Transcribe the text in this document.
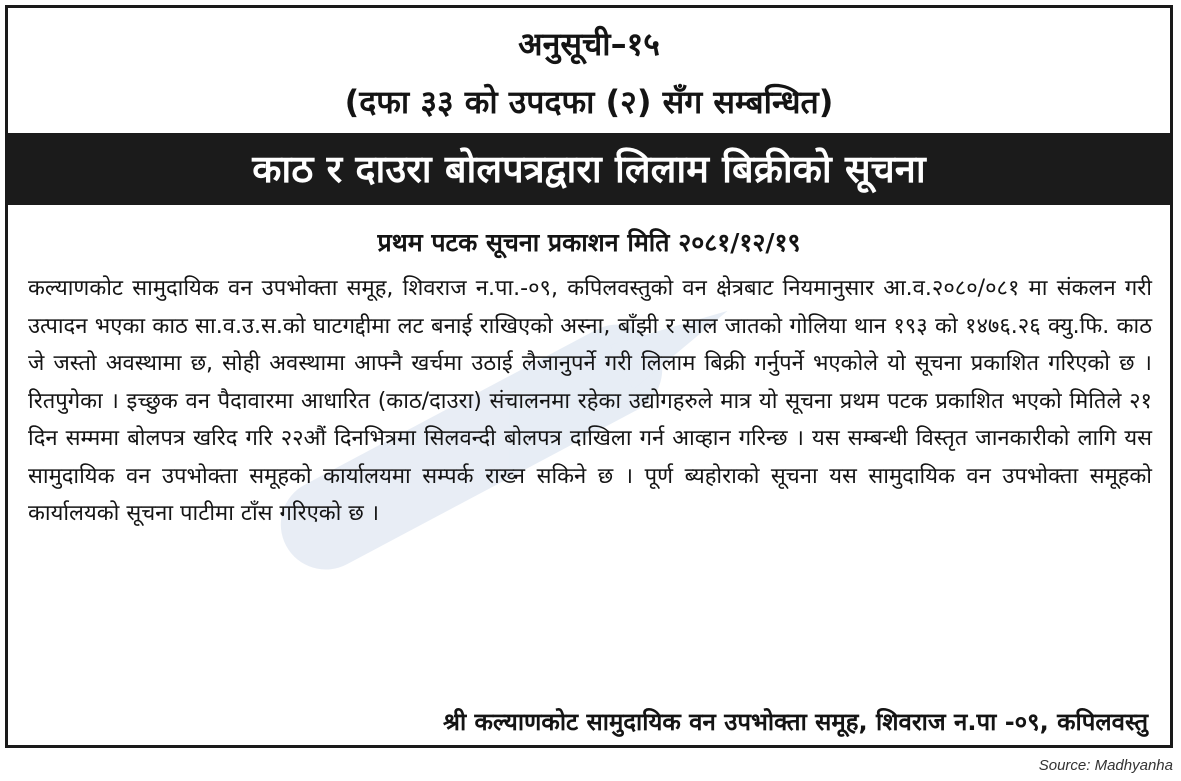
अनुसूची–१५
(दफा ३३ को उपदफा (२) सँग सम्बन्धित)
काठ र दाउरा बोलपत्रद्वारा लिलाम बिक्रीको सूचना
प्रथम पटक सूचना प्रकाशन मिति २०८१/१२/१९

कल्याणकोट सामुदायिक वन उपभोक्ता समूह, शिवराज न.पा.-०९, कपिलवस्तुको वन क्षेत्रबाट नियमानुसार आ.व.२०८०/०८१ मा संकलन गरी उत्पादन भएका काठ सा.व.उ.स.को घाटगद्दीमा लट बनाई राखिएको अस्ना, बाँझी र साल जातको गोलिया थान १९३ को १४७६.२६ क्यु.फि. काठ जे जस्तो अवस्थामा छ, सोही अवस्थामा आफ्नै खर्चमा उठाई लैजानुपर्ने गरी लिलाम बिक्री गर्नुपर्ने भएकोले यो सूचना प्रकाशित गरिएको छ । रितपुगेका । इच्छुक वन पैदावारमा आधारित (काठ/दाउरा) संचालनमा रहेका उद्योगहरुले मात्र यो सूचना प्रथम पटक प्रकाशित भएको मितिले २१ दिन सम्ममा बोलपत्र खरिद गरि २२औं दिनभित्रमा सिलवन्दी बोलपत्र दाखिला गर्न आव्हान गरिन्छ । यस सम्बन्धी विस्तृत जानकारीको लागि यस सामुदायिक वन उपभोक्ता समूहको कार्यालयमा सम्पर्क राख्न सकिने छ । पूर्ण ब्यहोराको सूचना यस सामुदायिक वन उपभोक्ता समूहको कार्यालयको सूचना पाटीमा टाँस गरिएको छ ।

श्री कल्याणकोट सामुदायिक वन उपभोक्ता समूह, शिवराज न.पा -०९, कपिलवस्तु
Source: Madhyanha
